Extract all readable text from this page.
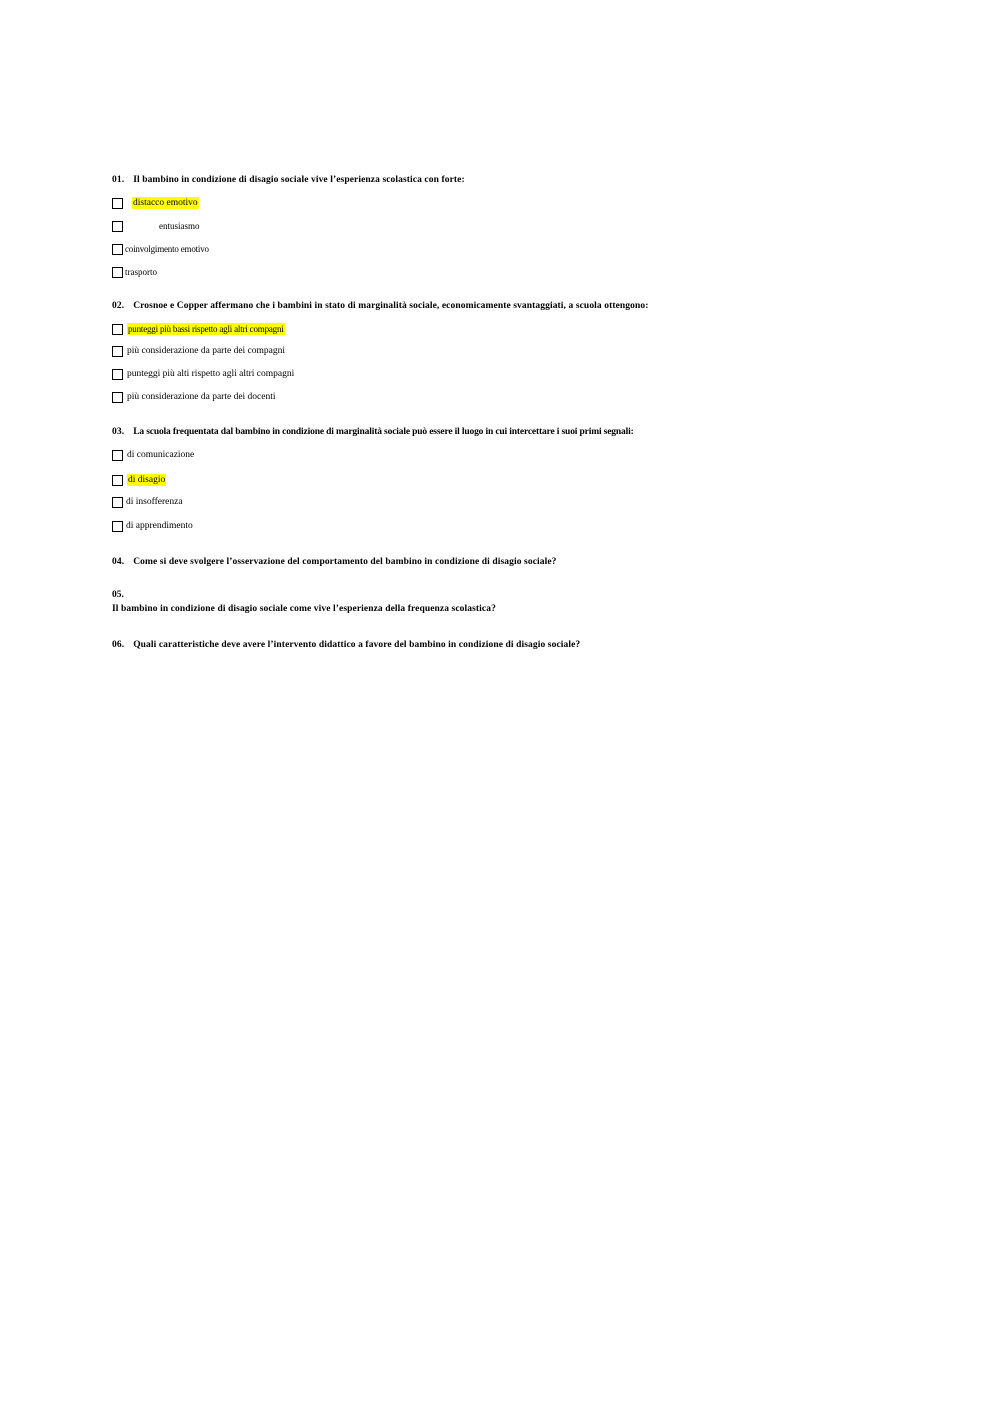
01. Il bambino in condizione di disagio sociale vive l’esperienza scolastica con forte:
distacco emotivo
entusiasmo
coinvolgimento emotivo
trasporto
02. Crosnoe e Copper affermano che i bambini in stato di marginalità sociale, economicamente svantaggiati, a scuola ottengono:
punteggi più bassi rispetto agli altri compagni
più considerazione da parte dei compagni
punteggi più alti rispetto agli altri compagni
più considerazione da parte dei docenti
03. La scuola frequentata dal bambino in condizione di marginalità sociale può essere il luogo in cui intercettare i suoi primi segnali:
di comunicazione
di disagio
di insofferenza
di apprendimento
04. Come si deve svolgere l’osservazione del comportamento del bambino in condizione di disagio sociale?
05.
Il bambino in condizione di disagio sociale come vive l’esperienza della frequenza scolastica?
06. Quali caratteristiche deve avere l’intervento didattico a favore del bambino in condizione di disagio sociale?
